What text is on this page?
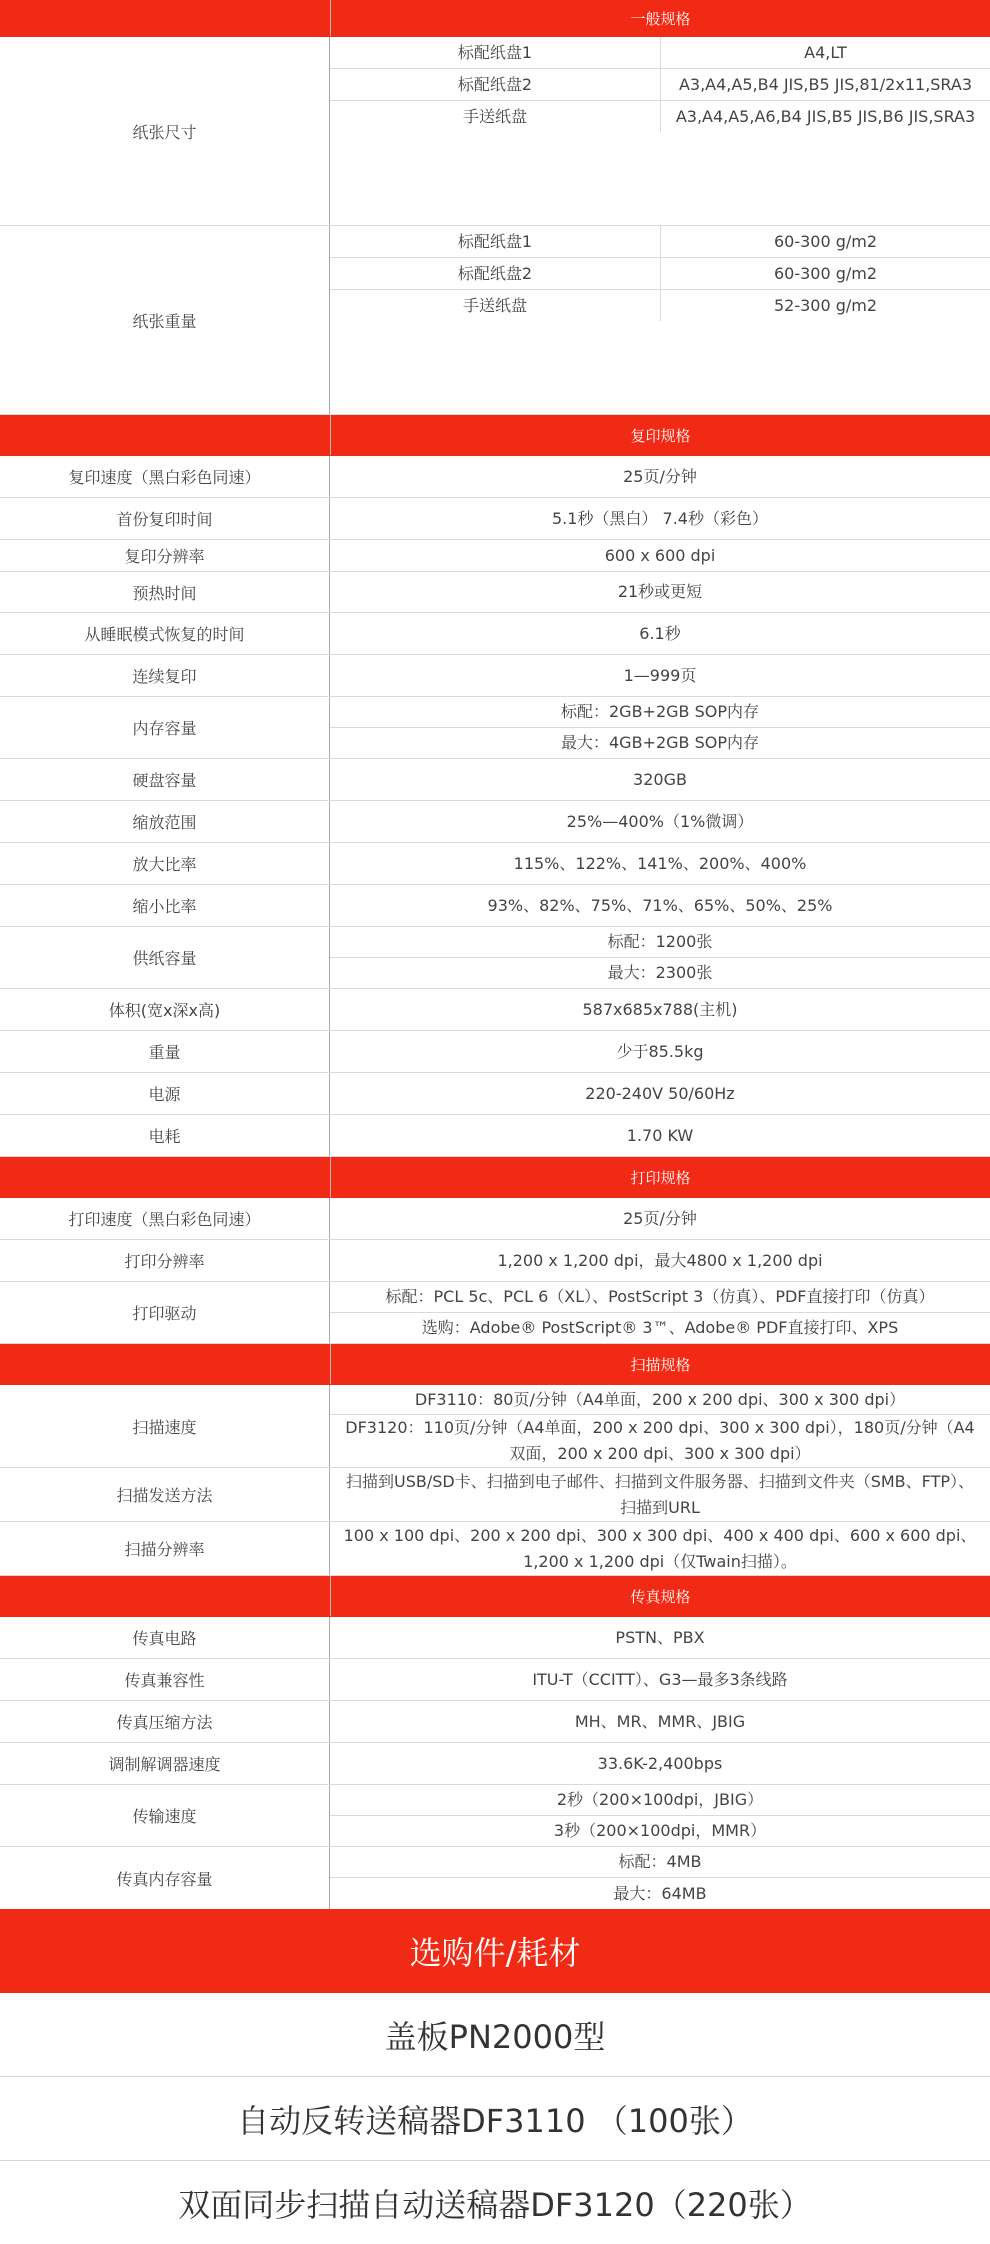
一般规格
纸张尺寸
标配纸盘1	A4,LT
标配纸盘2	A3,A4,A5,B4 JIS,B5 JIS,81/2x11,SRA3
手送纸盘	A3,A4,A5,A6,B4 JIS,B5 JIS,B6 JIS,SRA3
纸张重量
标配纸盘1	60-300 g/m2
标配纸盘2	60-300 g/m2
手送纸盘	52-300 g/m2
复印规格
复印速度（黑白彩色同速）	25页/分钟
首份复印时间	5.1秒（黑白） 7.4秒（彩色）
复印分辨率	600 x 600 dpi
预热时间	21秒或更短
从睡眠模式恢复的时间	6.1秒
连续复印	1—999页
内存容量
标配：2GB+2GB SOP内存
最大：4GB+2GB SOP内存
硬盘容量	320GB
缩放范围	25%—400%（1%微调）
放大比率	115%、122%、141%、200%、400%
缩小比率	93%、82%、75%、71%、65%、50%、25%
供纸容量
标配：1200张
最大：2300张
体积(宽x深x高)	587x685x788(主机)
重量	少于85.5kg
电源	220-240V 50/60Hz
电耗	1.70 KW
打印规格
打印速度（黑白彩色同速）	25页/分钟
打印分辨率	1,200 x 1,200 dpi，最大4800 x 1,200 dpi
打印驱动
标配：PCL 5c、PCL 6（XL）、PostScript 3（仿真）、PDF直接打印（仿真）
选购：Adobe® PostScript® 3™、Adobe® PDF直接打印、XPS
扫描规格
扫描速度
DF3110：80页/分钟（A4单面，200 x 200 dpi、300 x 300 dpi）
DF3120：110页/分钟（A4单面，200 x 200 dpi、300 x 300 dpi），180页/分钟（A4双面，200 x 200 dpi、300 x 300 dpi）
扫描发送方法
扫描到USB/SD卡、扫描到电子邮件、扫描到文件服务器、扫描到文件夹（SMB、FTP）、扫描到URL
扫描分辨率
100 x 100 dpi、200 x 200 dpi、300 x 300 dpi、400 x 400 dpi、600 x 600 dpi、1,200 x 1,200 dpi（仅Twain扫描）。
传真规格
传真电路	PSTN、PBX
传真兼容性	ITU-T（CCITT）、G3—最多3条线路
传真压缩方法	MH、MR、MMR、JBIG
调制解调器速度	33.6K-2,400bps
传输速度
2秒（200×100dpi，JBIG）
3秒（200×100dpi，MMR）
传真内存容量
标配：4MB
最大：64MB
选购件/耗材
盖板PN2000型
自动反转送稿器DF3110 （100张）
双面同步扫描自动送稿器DF3120（220张）
